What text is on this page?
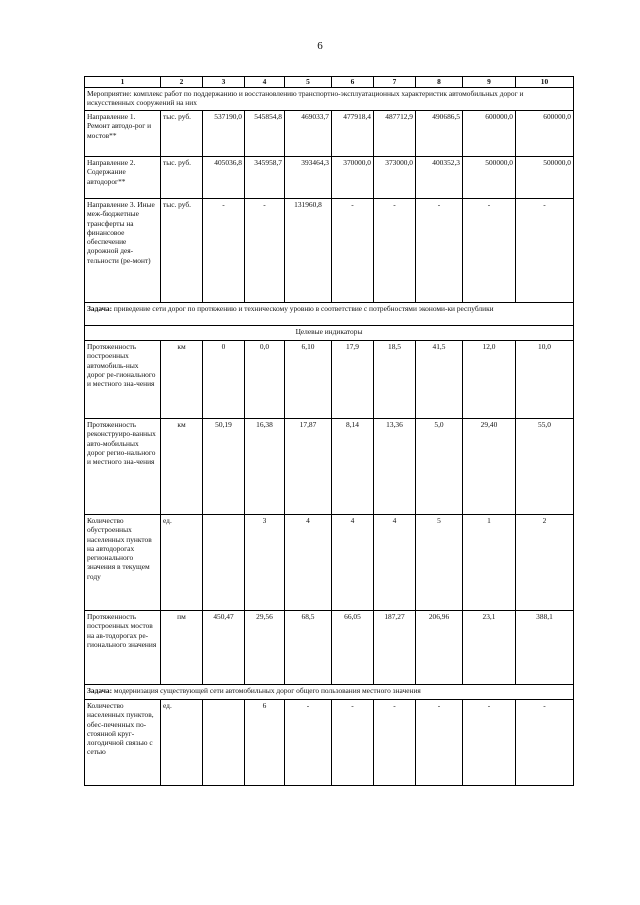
6
1	2	3	4	5	6	7	8	9	10
Мероприятие: комплекс работ по поддержанию и восстановлению транспортно-эксплуатационных характеристик автомобильных дорог и искусственных сооружений на них									
Направление 1. Ремонт автодо-рог и мостов**	тыс. руб.	537190,0	545854,8	469033,7	477918,4	487712,9	490686,5	600000,0	600000,0
Направление 2. Содержание автодорог**	тыс. руб.	405036,8	345958,7	393464,3	370000,0	373000,0	400352,3	500000,0	500000,0
Направление 3. Иные меж-бюджетные трансферты на финансовое обеспечение дорожной дея-тельности (ре-монт)	тыс. руб.	-	-	131960,8	-	-	-	-	-
Задача: приведение сети дорог по протяжению и техническому уровню в соответствие с потребностями экономи-ки республики									
Целевые индикаторы									
Протяженность построенных автомобиль-ных дорог ре-гионального и местного зна-чения	км	0	0,0	6,10	17,9	18,5	41,5	12,0	10,0
Протяженность реконструиро-ванных авто-мобильных дорог регио-нального и местного зна-чения	км	50,19	16,38	17,87	8,14	13,36	5,0	29,40	55,0
Количество обустроенных населенных пунктов на автодорогах регионального значения в текущем году	ед.		3	4	4	4	5	1	2
Протяженность построенных мостов на ав-тодорогах ре-гионального значения	пм	450,47	29,56	68,5	66,05	187,27	206,96	23,1	388,1
Задача: модернизация существующей сети автомобильных дорог общего пользования местного значения									
Количество населенных пунктов, обес-печенных по-стоянной круг-логодичной связью с сетью	ед.		6	-	-	-	-	-	-
